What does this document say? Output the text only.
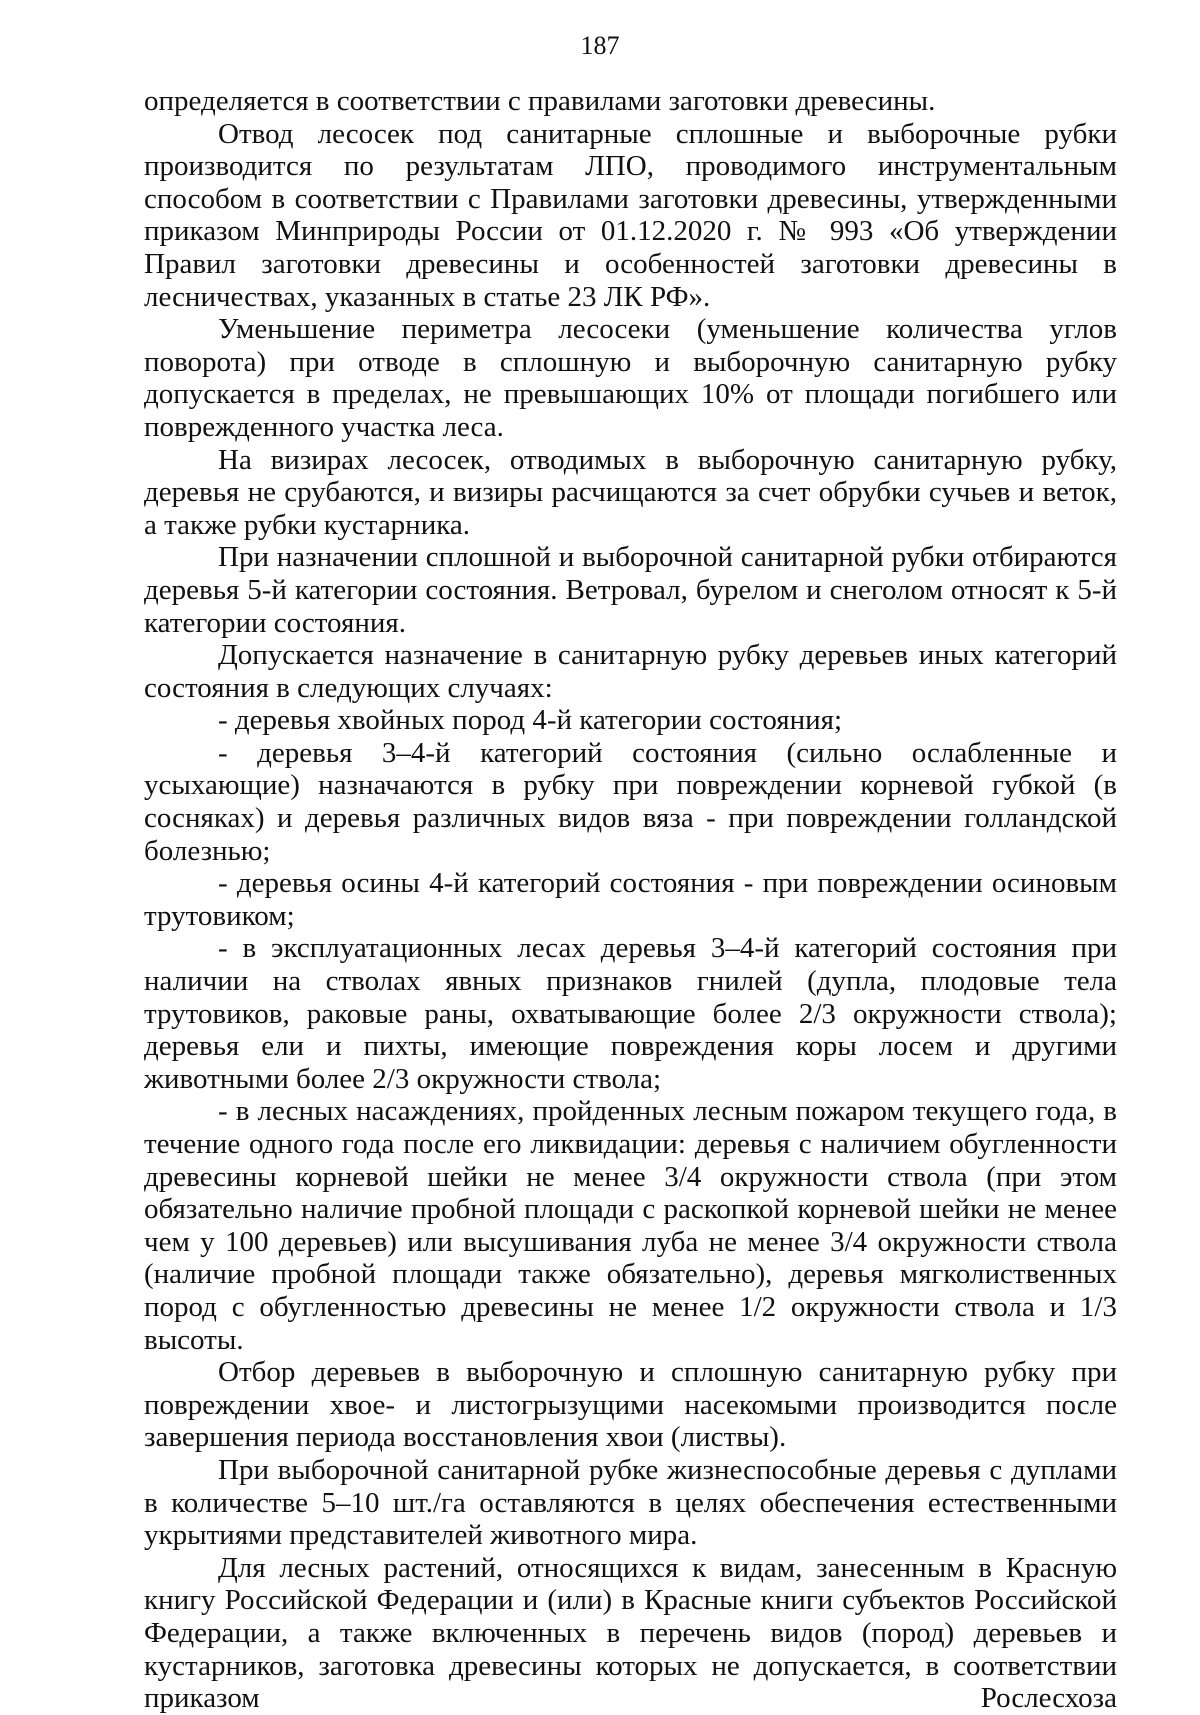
187

определяется в соответствии с правилами заготовки древесины.

Отвод лесосек под санитарные сплошные и выборочные рубки производится по результатам ЛПО, проводимого инструментальным способом в соответствии с Правилами заготовки древесины, утвержденными приказом Минприроды России от 01.12.2020 г. № 993 «Об утверждении Правил заготовки древесины и особенностей заготовки древесины в лесничествах, указанных в статье 23 ЛК РФ».

Уменьшение периметра лесосеки (уменьшение количества углов поворота) при отводе в сплошную и выборочную санитарную рубку допускается в пределах, не превышающих 10% от площади погибшего или поврежденного участка леса.

На визирах лесосек, отводимых в выборочную санитарную рубку, деревья не срубаются, и визиры расчищаются за счет обрубки сучьев и веток, а также рубки кустарника.

При назначении сплошной и выборочной санитарной рубки отбираются деревья 5-й категории состояния. Ветровал, бурелом и снеголом относят к 5-й категории состояния.

Допускается назначение в санитарную рубку деревьев иных категорий состояния в следующих случаях:

- деревья хвойных пород 4-й категории состояния;

- деревья 3–4-й категорий состояния (сильно ослабленные и усыхающие) назначаются в рубку при повреждении корневой губкой (в сосняках) и деревья различных видов вяза - при повреждении голландской болезнью;

- деревья осины 4-й категорий состояния - при повреждении осиновым трутовиком;

- в эксплуатационных лесах деревья 3–4-й категорий состояния при наличии на стволах явных признаков гнилей (дупла, плодовые тела трутовиков, раковые раны, охватывающие более 2/3 окружности ствола); деревья ели и пихты, имеющие повреждения коры лосем и другими животными более 2/3 окружности ствола;

- в лесных насаждениях, пройденных лесным пожаром текущего года, в течение одного года после его ликвидации: деревья с наличием обугленности древесины корневой шейки не менее 3/4 окружности ствола (при этом обязательно наличие пробной площади с раскопкой корневой шейки не менее чем у 100 деревьев) или высушивания луба не менее 3/4 окружности ствола (наличие пробной площади также обязательно), деревья мягколиственных пород с обугленностью древесины не менее 1/2 окружности ствола и 1/3 высоты.

Отбор деревьев в выборочную и сплошную санитарную рубку при повреждении хвое- и листогрызущими насекомыми производится после завершения периода восстановления хвои (листвы).

При выборочной санитарной рубке жизнеспособные деревья с дуплами в количестве 5–10 шт./га оставляются в целях обеспечения естественными укрытиями представителей животного мира.

Для лесных растений, относящихся к видам, занесенным в Красную книгу Российской Федерации и (или) в Красные книги субъектов Российской Федерации, а также включенных в перечень видов (пород) деревьев и кустарников, заготовка древесины которых не допускается, в соответствии приказом Рослесхоза
